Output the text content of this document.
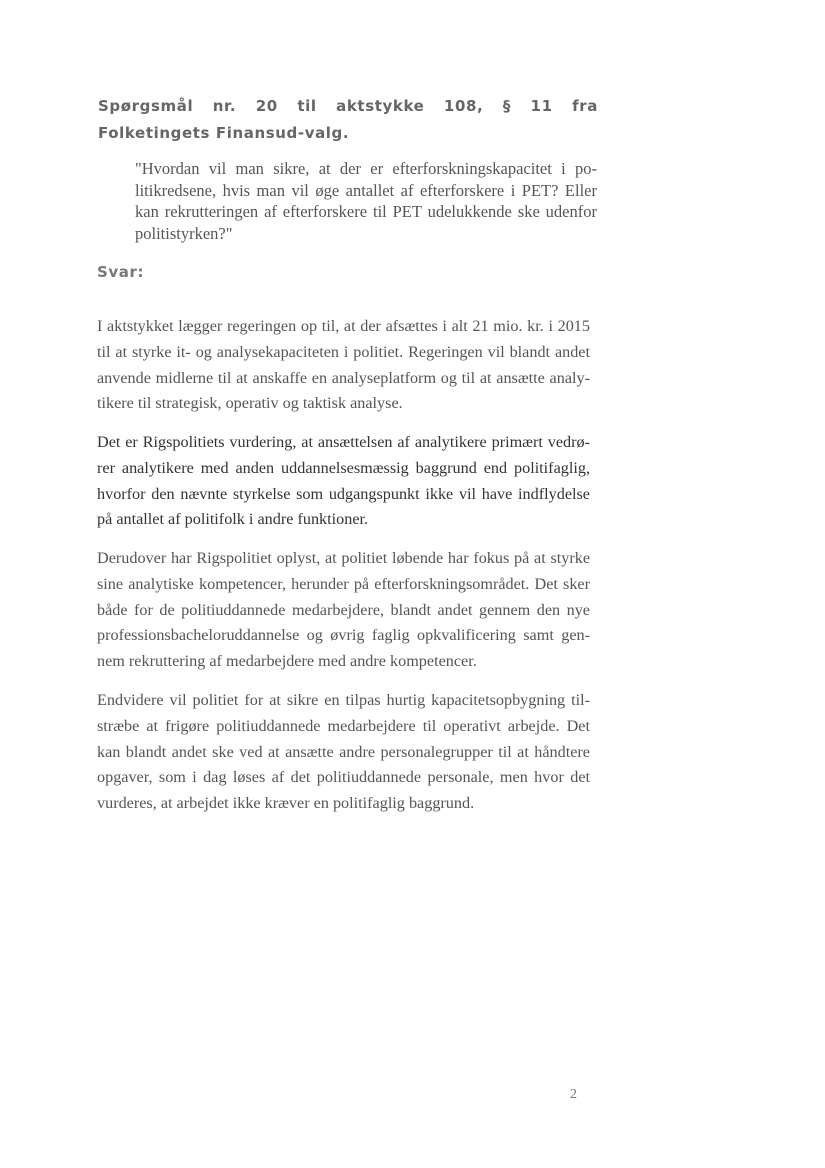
Spørgsmål nr. 20 til aktstykke 108, § 11 fra Folketingets Finansud-valg.

"Hvordan vil man sikre, at der er efterforskningskapacitet i po-litikredsene, hvis man vil øge antallet af efterforskere i PET? Eller kan rekrutteringen af efterforskere til PET udelukkende ske udenfor politistyrken?"

Svar:

I aktstykket lægger regeringen op til, at der afsættes i alt 21 mio. kr. i 2015 til at styrke it- og analysekapaciteten i politiet. Regeringen vil blandt andet anvende midlerne til at anskaffe en analyseplatform og til at ansætte analy-tikere til strategisk, operativ og taktisk analyse.

Det er Rigspolitiets vurdering, at ansættelsen af analytikere primært vedrø-rer analytikere med anden uddannelsesmæssig baggrund end politifaglig, hvorfor den nævnte styrkelse som udgangspunkt ikke vil have indflydelse på antallet af politifolk i andre funktioner.

Derudover har Rigspolitiet oplyst, at politiet løbende har fokus på at styrke sine analytiske kompetencer, herunder på efterforskningsområdet. Det sker både for de politiuddannede medarbejdere, blandt andet gennem den nye professionsbacheloruddannelse og øvrig faglig opkvalificering samt gen-nem rekruttering af medarbejdere med andre kompetencer.

Endvidere vil politiet for at sikre en tilpas hurtig kapacitetsopbygning til-stræbe at frigøre politiuddannede medarbejdere til operativt arbejde. Det kan blandt andet ske ved at ansætte andre personalegrupper til at håndtere opgaver, som i dag løses af det politiuddannede personale, men hvor det vurderes, at arbejdet ikke kræver en politifaglig baggrund.

2
